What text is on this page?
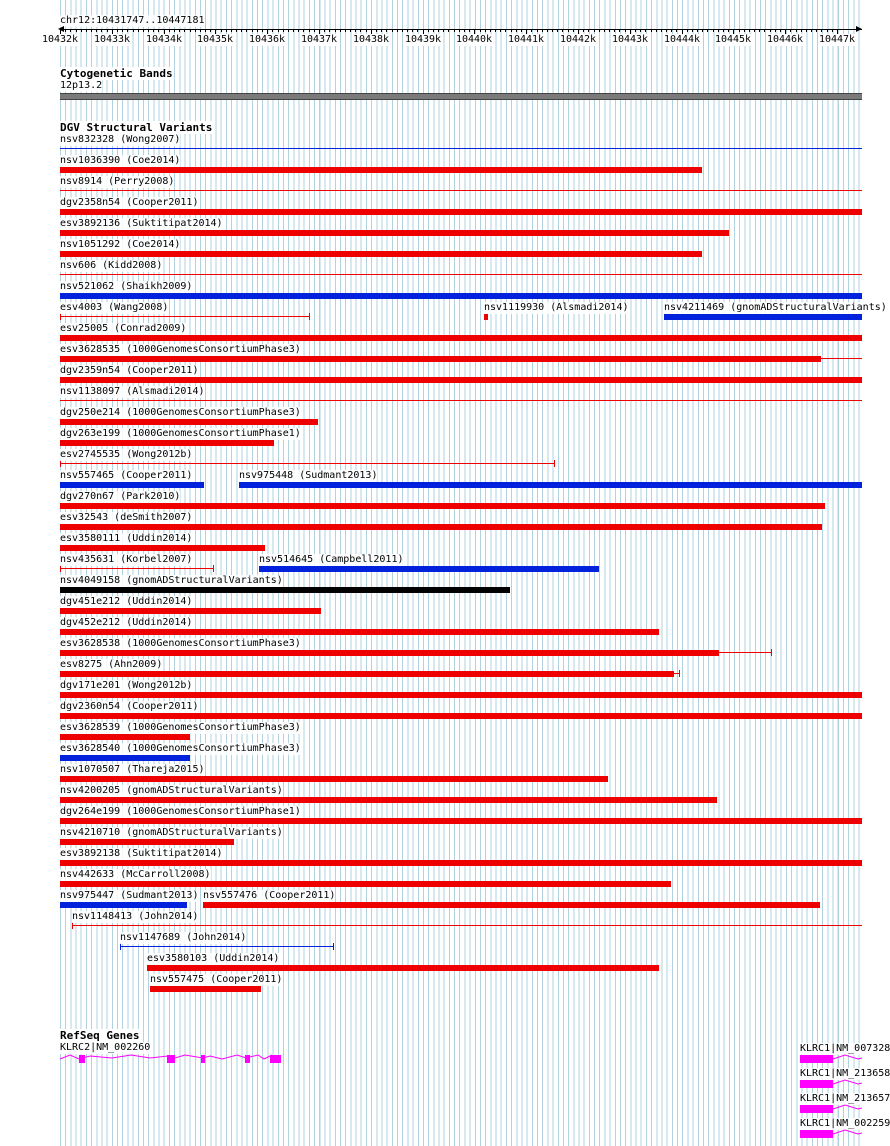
chr12:10431747..10447181
10432k 10433k 10434k 10435k 10436k 10437k 10438k 10439k 10440k 10441k 10442k 10443k 10444k 10445k 10446k 10447k
Cytogenetic Bands
12p13.2
DGV Structural Variants
nsv832328 (Wong2007)
nsv1036390 (Coe2014)
nsv8914 (Perry2008)
dgv2358n54 (Cooper2011)
esv3892136 (Suktitipat2014)
nsv1051292 (Coe2014)
nsv606 (Kidd2008)
nsv521062 (Shaikh2009)
esv4003 (Wang2008)	nsv1119930 (Alsmadi2014)	nsv4211469 (gnomADStructuralVariants)
esv25005 (Conrad2009)
esv3628535 (1000GenomesConsortiumPhase3)
dgv2359n54 (Cooper2011)
nsv1138097 (Alsmadi2014)
dgv250e214 (1000GenomesConsortiumPhase3)
dgv263e199 (1000GenomesConsortiumPhase1)
esv2745535 (Wong2012b)
nsv557465 (Cooper2011)	nsv975448 (Sudmant2013)
dgv270n67 (Park2010)
esv32543 (deSmith2007)
esv3580111 (Uddin2014)
nsv435631 (Korbel2007)	nsv514645 (Campbell2011)
nsv4049158 (gnomADStructuralVariants)
dgv451e212 (Uddin2014)
dgv452e212 (Uddin2014)
esv3628538 (1000GenomesConsortiumPhase3)
esv8275 (Ahn2009)
dgv171e201 (Wong2012b)
dgv2360n54 (Cooper2011)
esv3628539 (1000GenomesConsortiumPhase3)
esv3628540 (1000GenomesConsortiumPhase3)
nsv1070507 (Thareja2015)
nsv4200205 (gnomADStructuralVariants)
dgv264e199 (1000GenomesConsortiumPhase1)
nsv4210710 (gnomADStructuralVariants)
esv3892138 (Suktitipat2014)
nsv442633 (McCarroll2008)
nsv975447 (Sudmant2013) nsv557476 (Cooper2011)
nsv1148413 (John2014)
nsv1147689 (John2014)
esv3580103 (Uddin2014)
nsv557475 (Cooper2011)
RefSeq Genes
KLRC2|NM_002260	KLRC1|NM_007328
KLRC1|NM_213658
KLRC1|NM_213657
KLRC1|NM_002259
